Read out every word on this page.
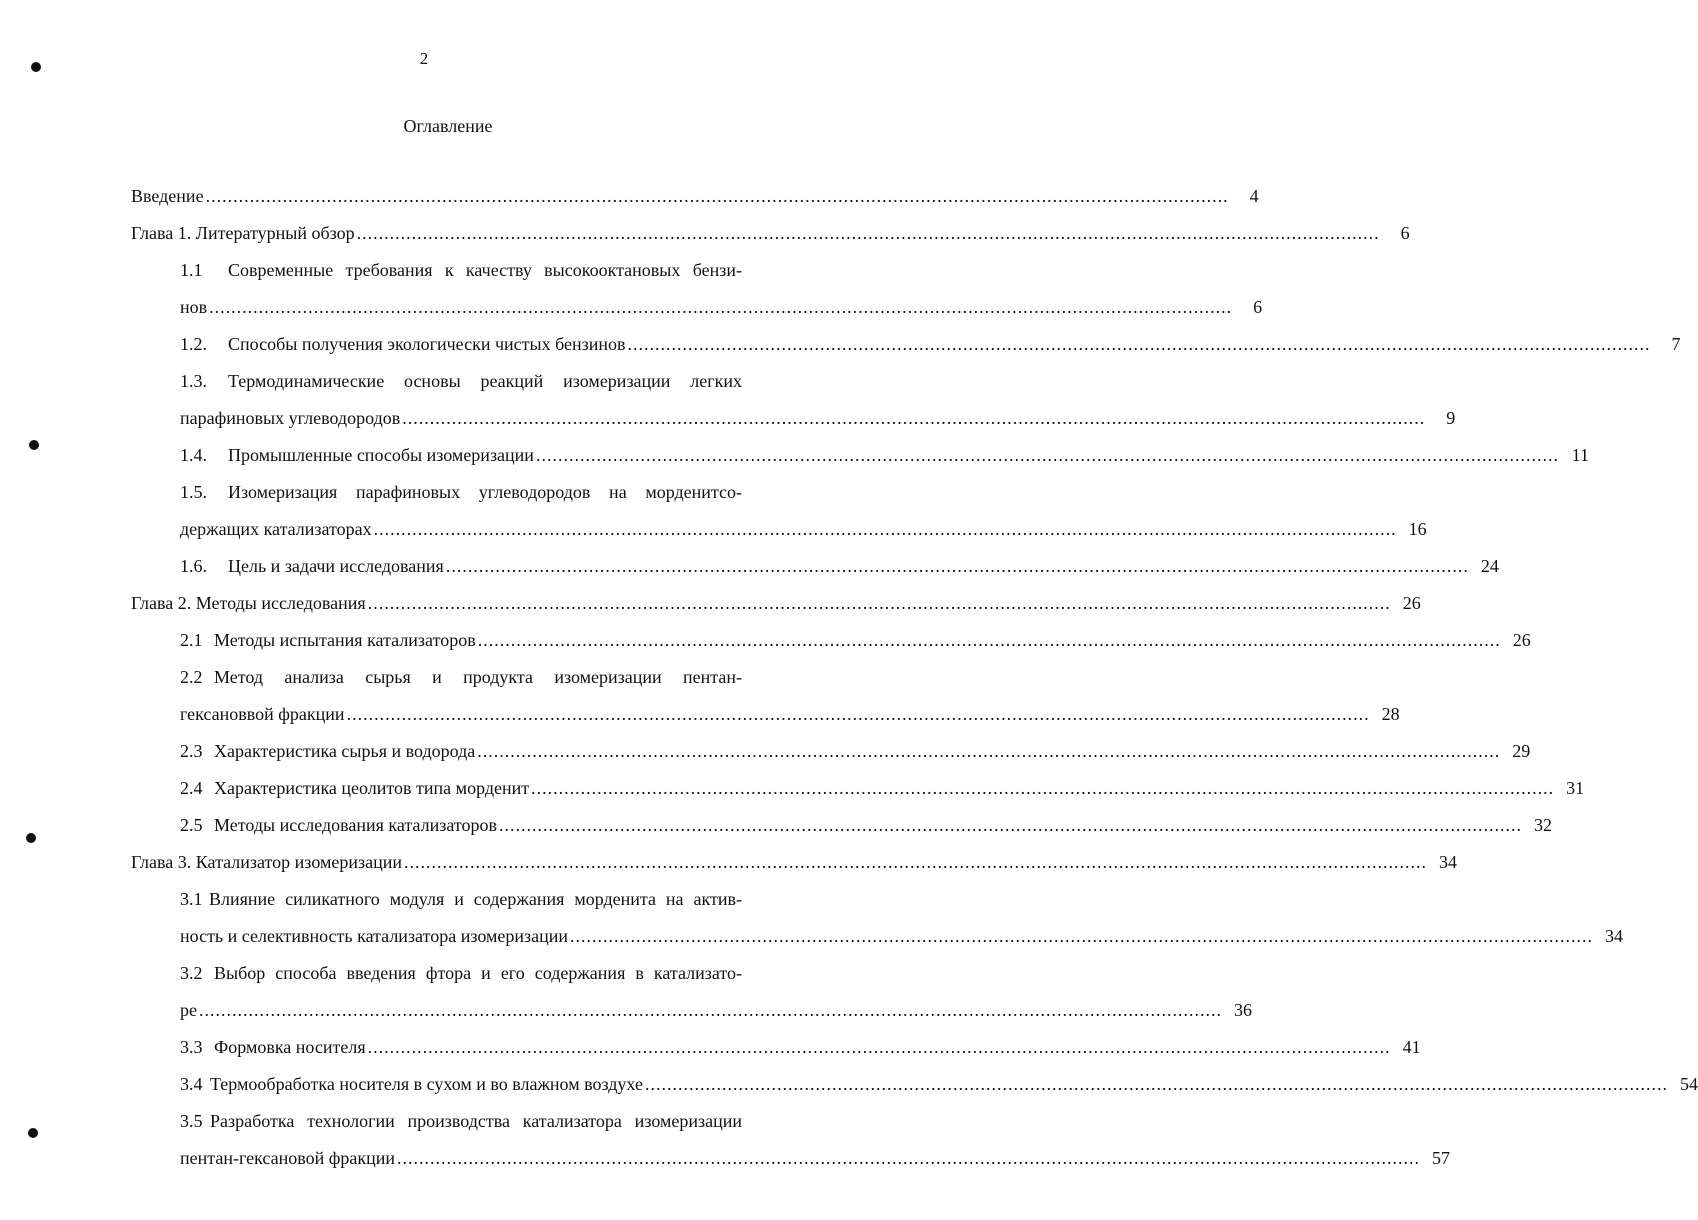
2
Оглавление
Введение ..........................................................................................................................................................................................	4
Глава 1. Литературный обзор ..........................................................................................................................................................................................	6
1.1	Современные требования к качеству высокооктановых бензи-
нов ..........................................................................................................................................................................................	6
1.2.	Способы получения экологически чистых бензинов ..........................................................................................................................................................................................	7
1.3.	Термодинамические основы реакций изомеризации легких
парафиновых углеводородов ..........................................................................................................................................................................................	9
1.4.	Промышленные способы изомеризации .......................................................................................................................................................................................... 11
1.5.	Изомеризация парафиновых углеводородов на морденитсо-
держащих катализаторах .......................................................................................................................................................................................... 16
1.6.	Цель и задачи исследования .......................................................................................................................................................................................... 24
Глава 2. Методы исследования .......................................................................................................................................................................................... 26
2.1 Методы испытания катализаторов .......................................................................................................................................................................................... 26
2.2 Метод анализа сырья и продукта изомеризации пентан-
гексановвой фракции .......................................................................................................................................................................................... 28
2.3 Характеристика сырья и водорода .......................................................................................................................................................................................... 29
2.4 Характеристика цеолитов типа морденит .......................................................................................................................................................................................... 31
2.5 Методы исследования катализаторов .......................................................................................................................................................................................... 32
Глава 3. Катализатор изомеризации .......................................................................................................................................................................................... 34
3.1 Влияние силикатного модуля и содержания морденита на актив-
ность и селективность катализатора изомеризации .......................................................................................................................................................................................... 34
3.2 Выбор способа введения фтора и его содержания в катализато-
ре .......................................................................................................................................................................................... 36
3.3 Формовка носителя .......................................................................................................................................................................................... 41
3.4 Термообработка носителя в сухом и во влажном воздухе .......................................................................................................................................................................................... 54
3.5 Разработка технологии производства катализатора изомеризации
пентан-гексановой фракции .......................................................................................................................................................................................... 57
